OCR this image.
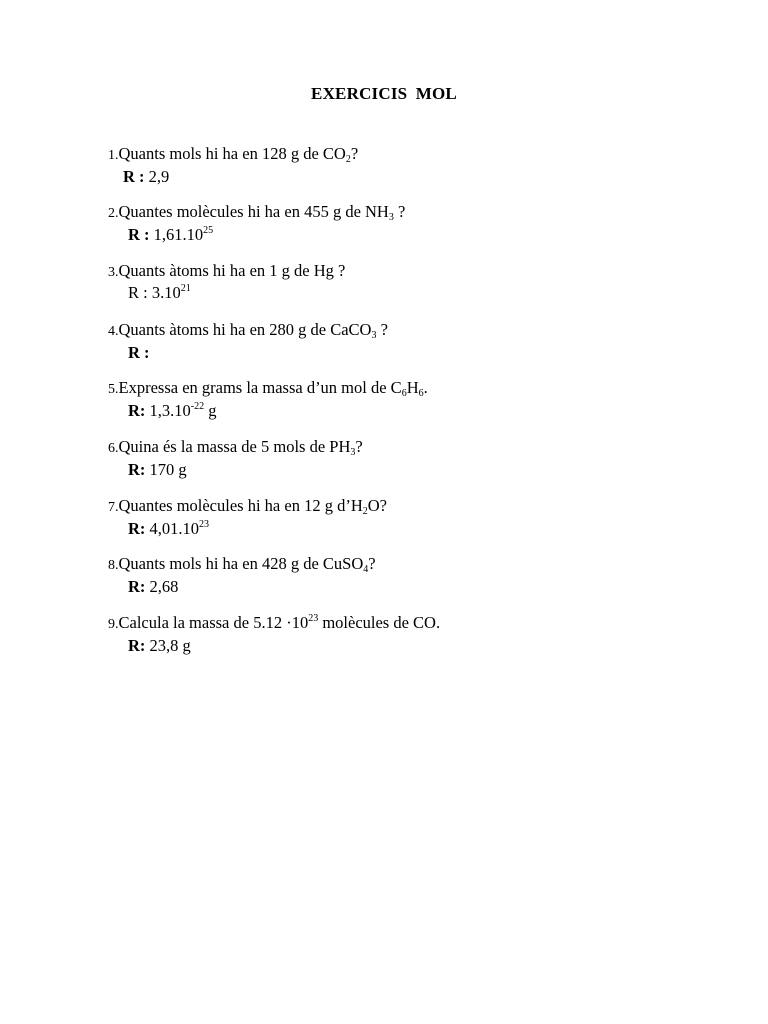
EXERCICIS MOL
1.Quants mols hi ha en 128 g de CO2?
R : 2,9
2.Quantes molècules hi ha en 455 g de NH3 ?
R : 1,61.10$^{25}$
3.Quants àtoms hi ha en 1 g de Hg ?
R : 3.10$^{21}$
4.Quants àtoms hi ha en 280 g de CaCO3 ?
R :
5.Expressa en grams la massa d’un mol de C6H6.
R: $1,3.10^{-22}$ g
6.Quina és la massa de 5 mols de PH3?
R: 170 g
7.Quantes molècules hi ha en 12 g d’H2O?
R: 4,01.10$^{23}$
8.Quants mols hi ha en 428 g de CuSO4?
R: 2,68
9.Calcula la massa de $5.12 \cdot 10^{23}$ molècules de CO.
R: 23,8 g
